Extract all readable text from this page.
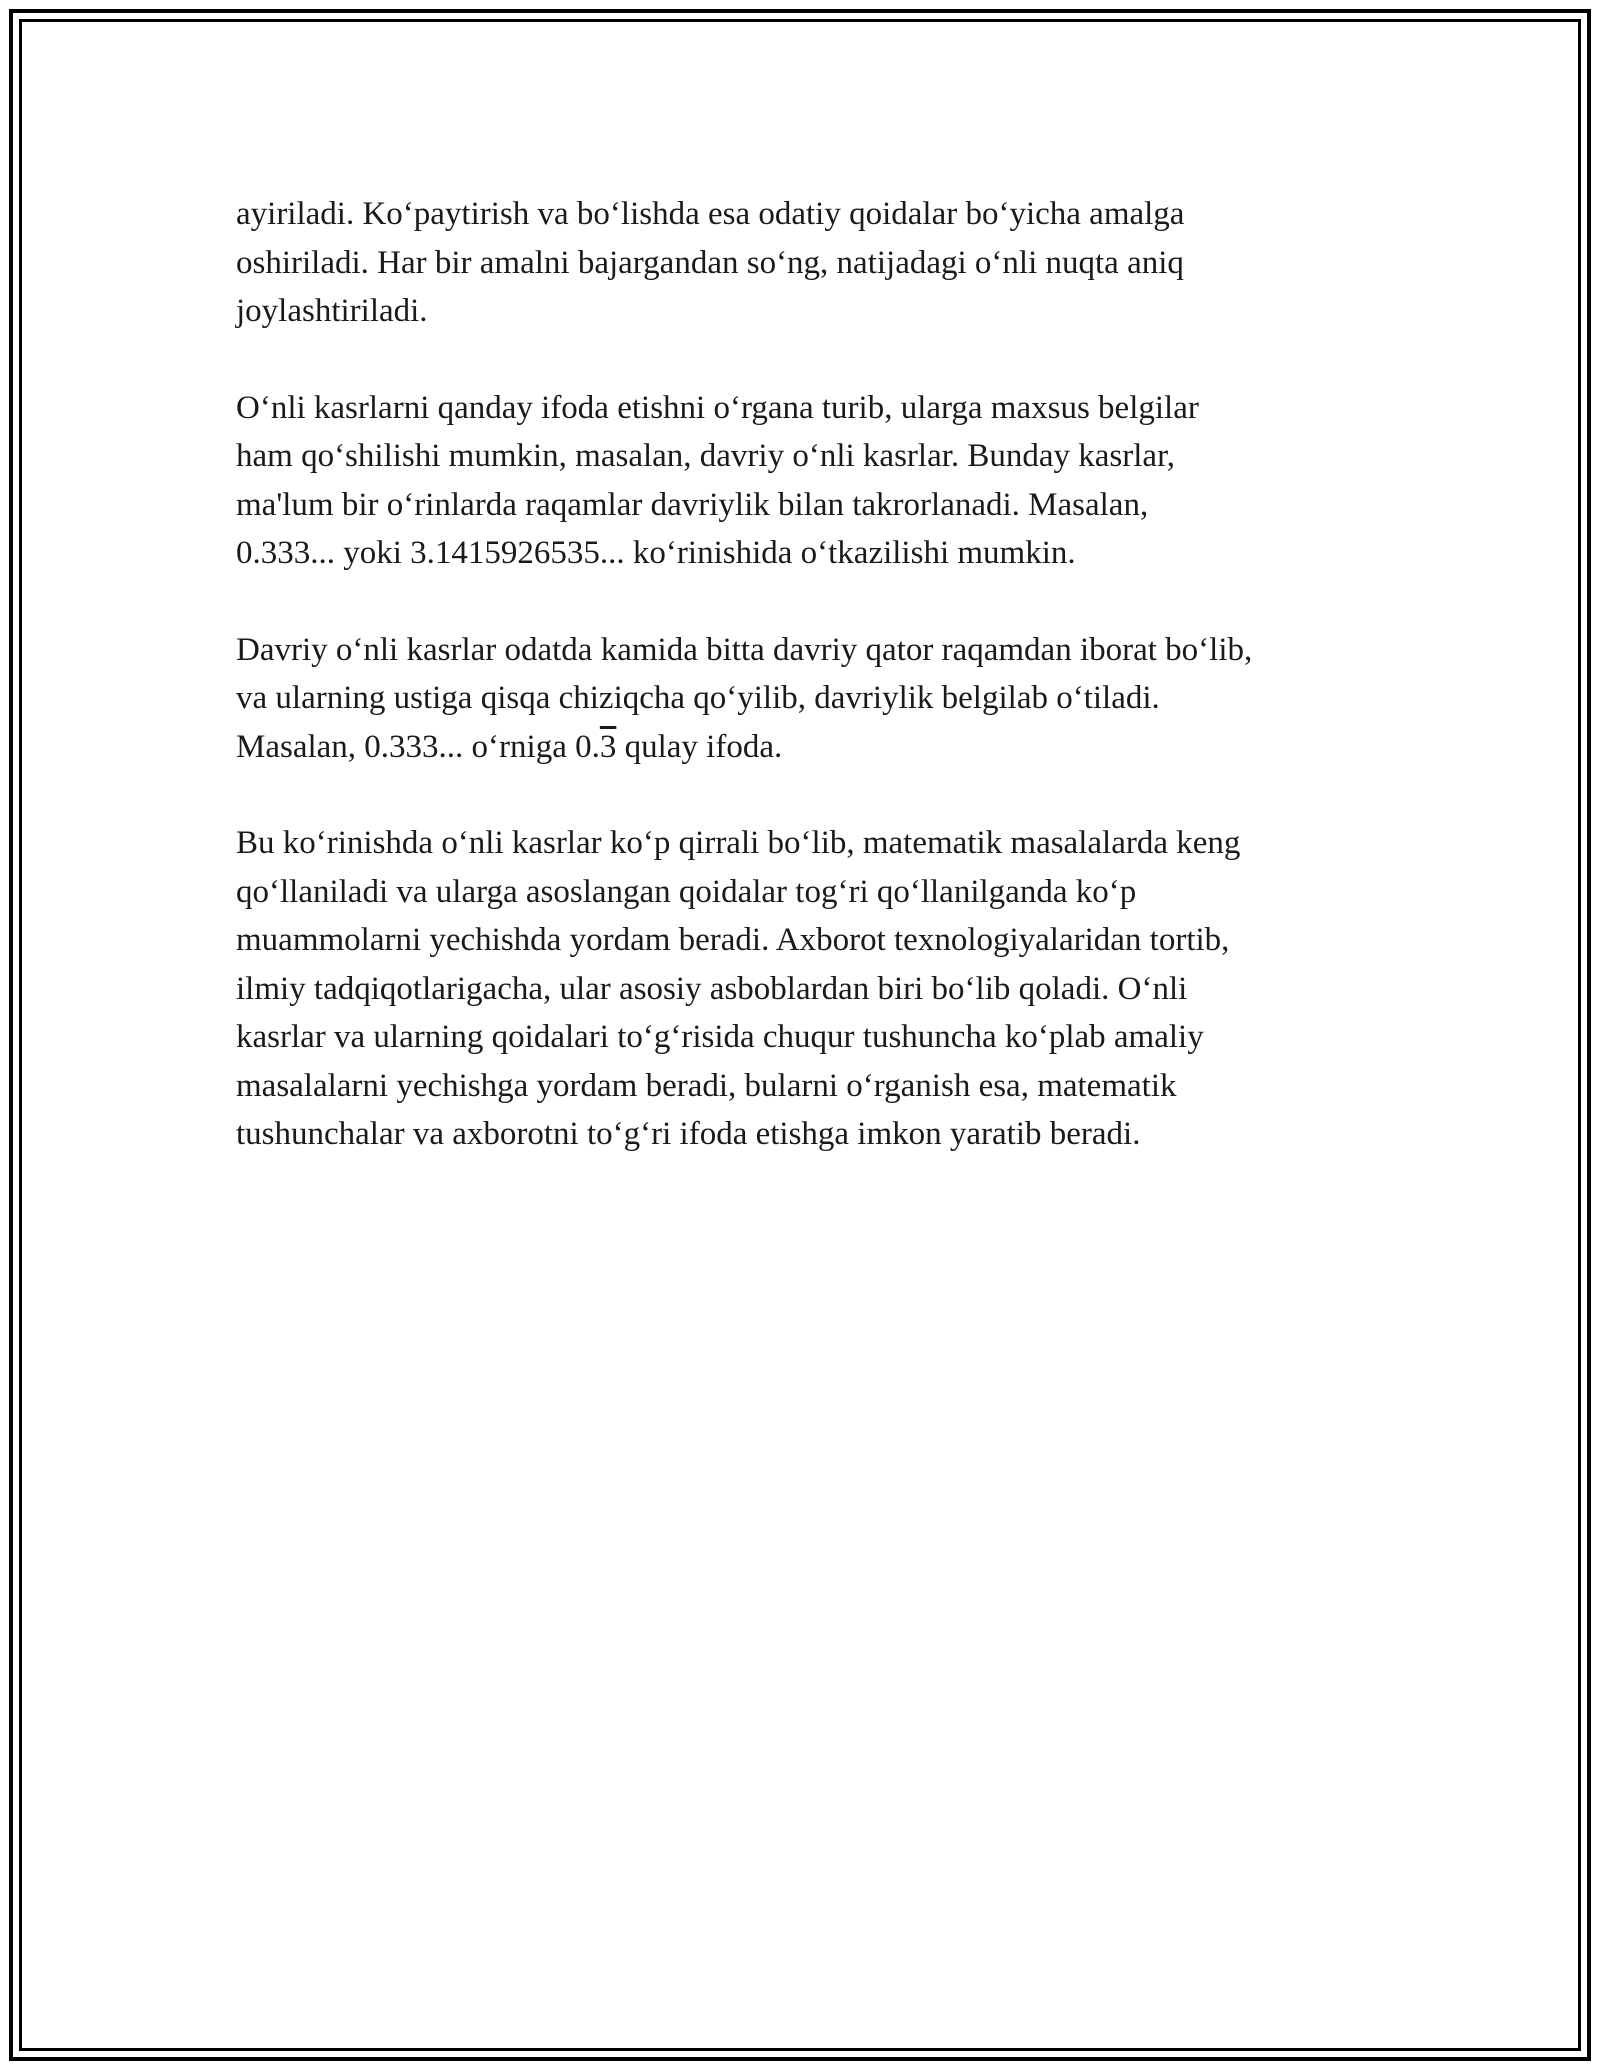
ayiriladi. Ko‘paytirish va bo‘lishda esa odatiy qoidalar bo‘yicha amalga
oshiriladi. Har bir amalni bajargandan so‘ng, natijadagi o‘nli nuqta aniq
joylashtiriladi.

O‘nli kasrlarni qanday ifoda etishni o‘rgana turib, ularga maxsus belgilar
ham qo‘shilishi mumkin, masalan, davriy o‘nli kasrlar. Bunday kasrlar,
ma'lum bir o‘rinlarda raqamlar davriylik bilan takrorlanadi. Masalan,
0.333... yoki 3.1415926535... ko‘rinishida o‘tkazilishi mumkin.

Davriy o‘nli kasrlar odatda kamida bitta davriy qator raqamdan iborat bo‘lib,
va ularning ustiga qisqa chiziqcha qo‘yilib, davriylik belgilab o‘tiladi.
Masalan, 0.333... o‘rniga 0.3 qulay ifoda.

Bu ko‘rinishda o‘nli kasrlar ko‘p qirrali bo‘lib, matematik masalalarda keng
qo‘llaniladi va ularga asoslangan qoidalar tog‘ri qo‘llanilganda ko‘p
muammolarni yechishda yordam beradi. Axborot texnologiyalaridan tortib,
ilmiy tadqiqotlarigacha, ular asosiy asboblardan biri bo‘lib qoladi. O‘nli
kasrlar va ularning qoidalari to‘g‘risida chuqur tushuncha ko‘plab amaliy
masalalarni yechishga yordam beradi, bularni o‘rganish esa, matematik
tushunchalar va axborotni to‘g‘ri ifoda etishga imkon yaratib beradi.
